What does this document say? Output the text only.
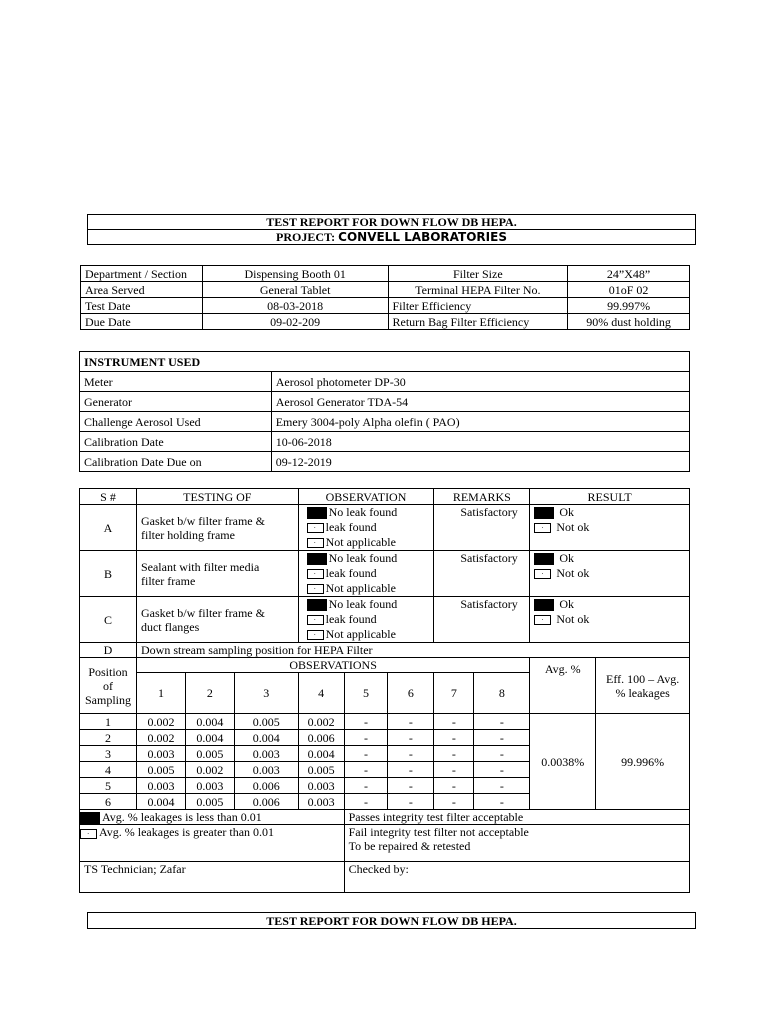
TEST REPORT FOR DOWN FLOW DB HEPA.
PROJECT: CONVELL LABORATORIES
Department / Section	Dispensing Booth 01	Filter Size	24”X48”
Area Served	General Tablet	Terminal HEPA Filter No.	01oF 02
Test Date	08-03-2018	Filter Efficiency	99.997%
Due Date	09-02-209	Return Bag Filter Efficiency	90% dust holding
INSTRUMENT USED	
Meter	Aerosol photometer DP-30
Generator	Aerosol Generator TDA-54
Challenge Aerosol Used	Emery 3004-poly Alpha olefin ( PAO)
Calibration Date	10-06-2018
Calibration Date Due on	09-12-2019
S #	TESTING OF			OBSERVATION			REMARKS		RESULT	
A	Gasket b/w filter frame &
filter holding frame			No leak found
· leak found
· Not applicable			Satisfactory		Ok
· Not ok	

B	Sealant with filter media
filter frame			No leak found
· leak found
· Not applicable			Satisfactory		Ok
· Not ok	

C	Gasket b/w filter frame &
duct flanges			No leak found
· leak found
· Not applicable			Satisfactory		Ok
· Not ok	

D	Down stream sampling position for HEPA Filter									
Position
of
Sampling	OBSERVATIONS								Avg. %	Eff. 100 – Avg.
% leakages
	1	2	3	4	5	6	7	8		
1	0.002	0.004	0.005	0.002	-	-	-	-	0.0038%	99.996%
2	0.002	0.004	0.004	0.006	-	-	-	-		
3	0.003	0.005	0.003	0.004	-	-	-	-		
4	0.005	0.002	0.003	0.005	-	-	-	-		
5	0.003	0.003	0.006	0.003	-	-	-	-		
6	0.004	0.005	0.006	0.003	-	-	-	-		
Avg. % leakages is less than 0.01					Passes integrity test filter acceptable					

· Avg. % leakages is greater than 0.01					Fail integrity test filter not acceptable
To be repaired & retested					
TS Technician; Zafar					Checked by:					
TEST REPORT FOR DOWN FLOW DB HEPA.
